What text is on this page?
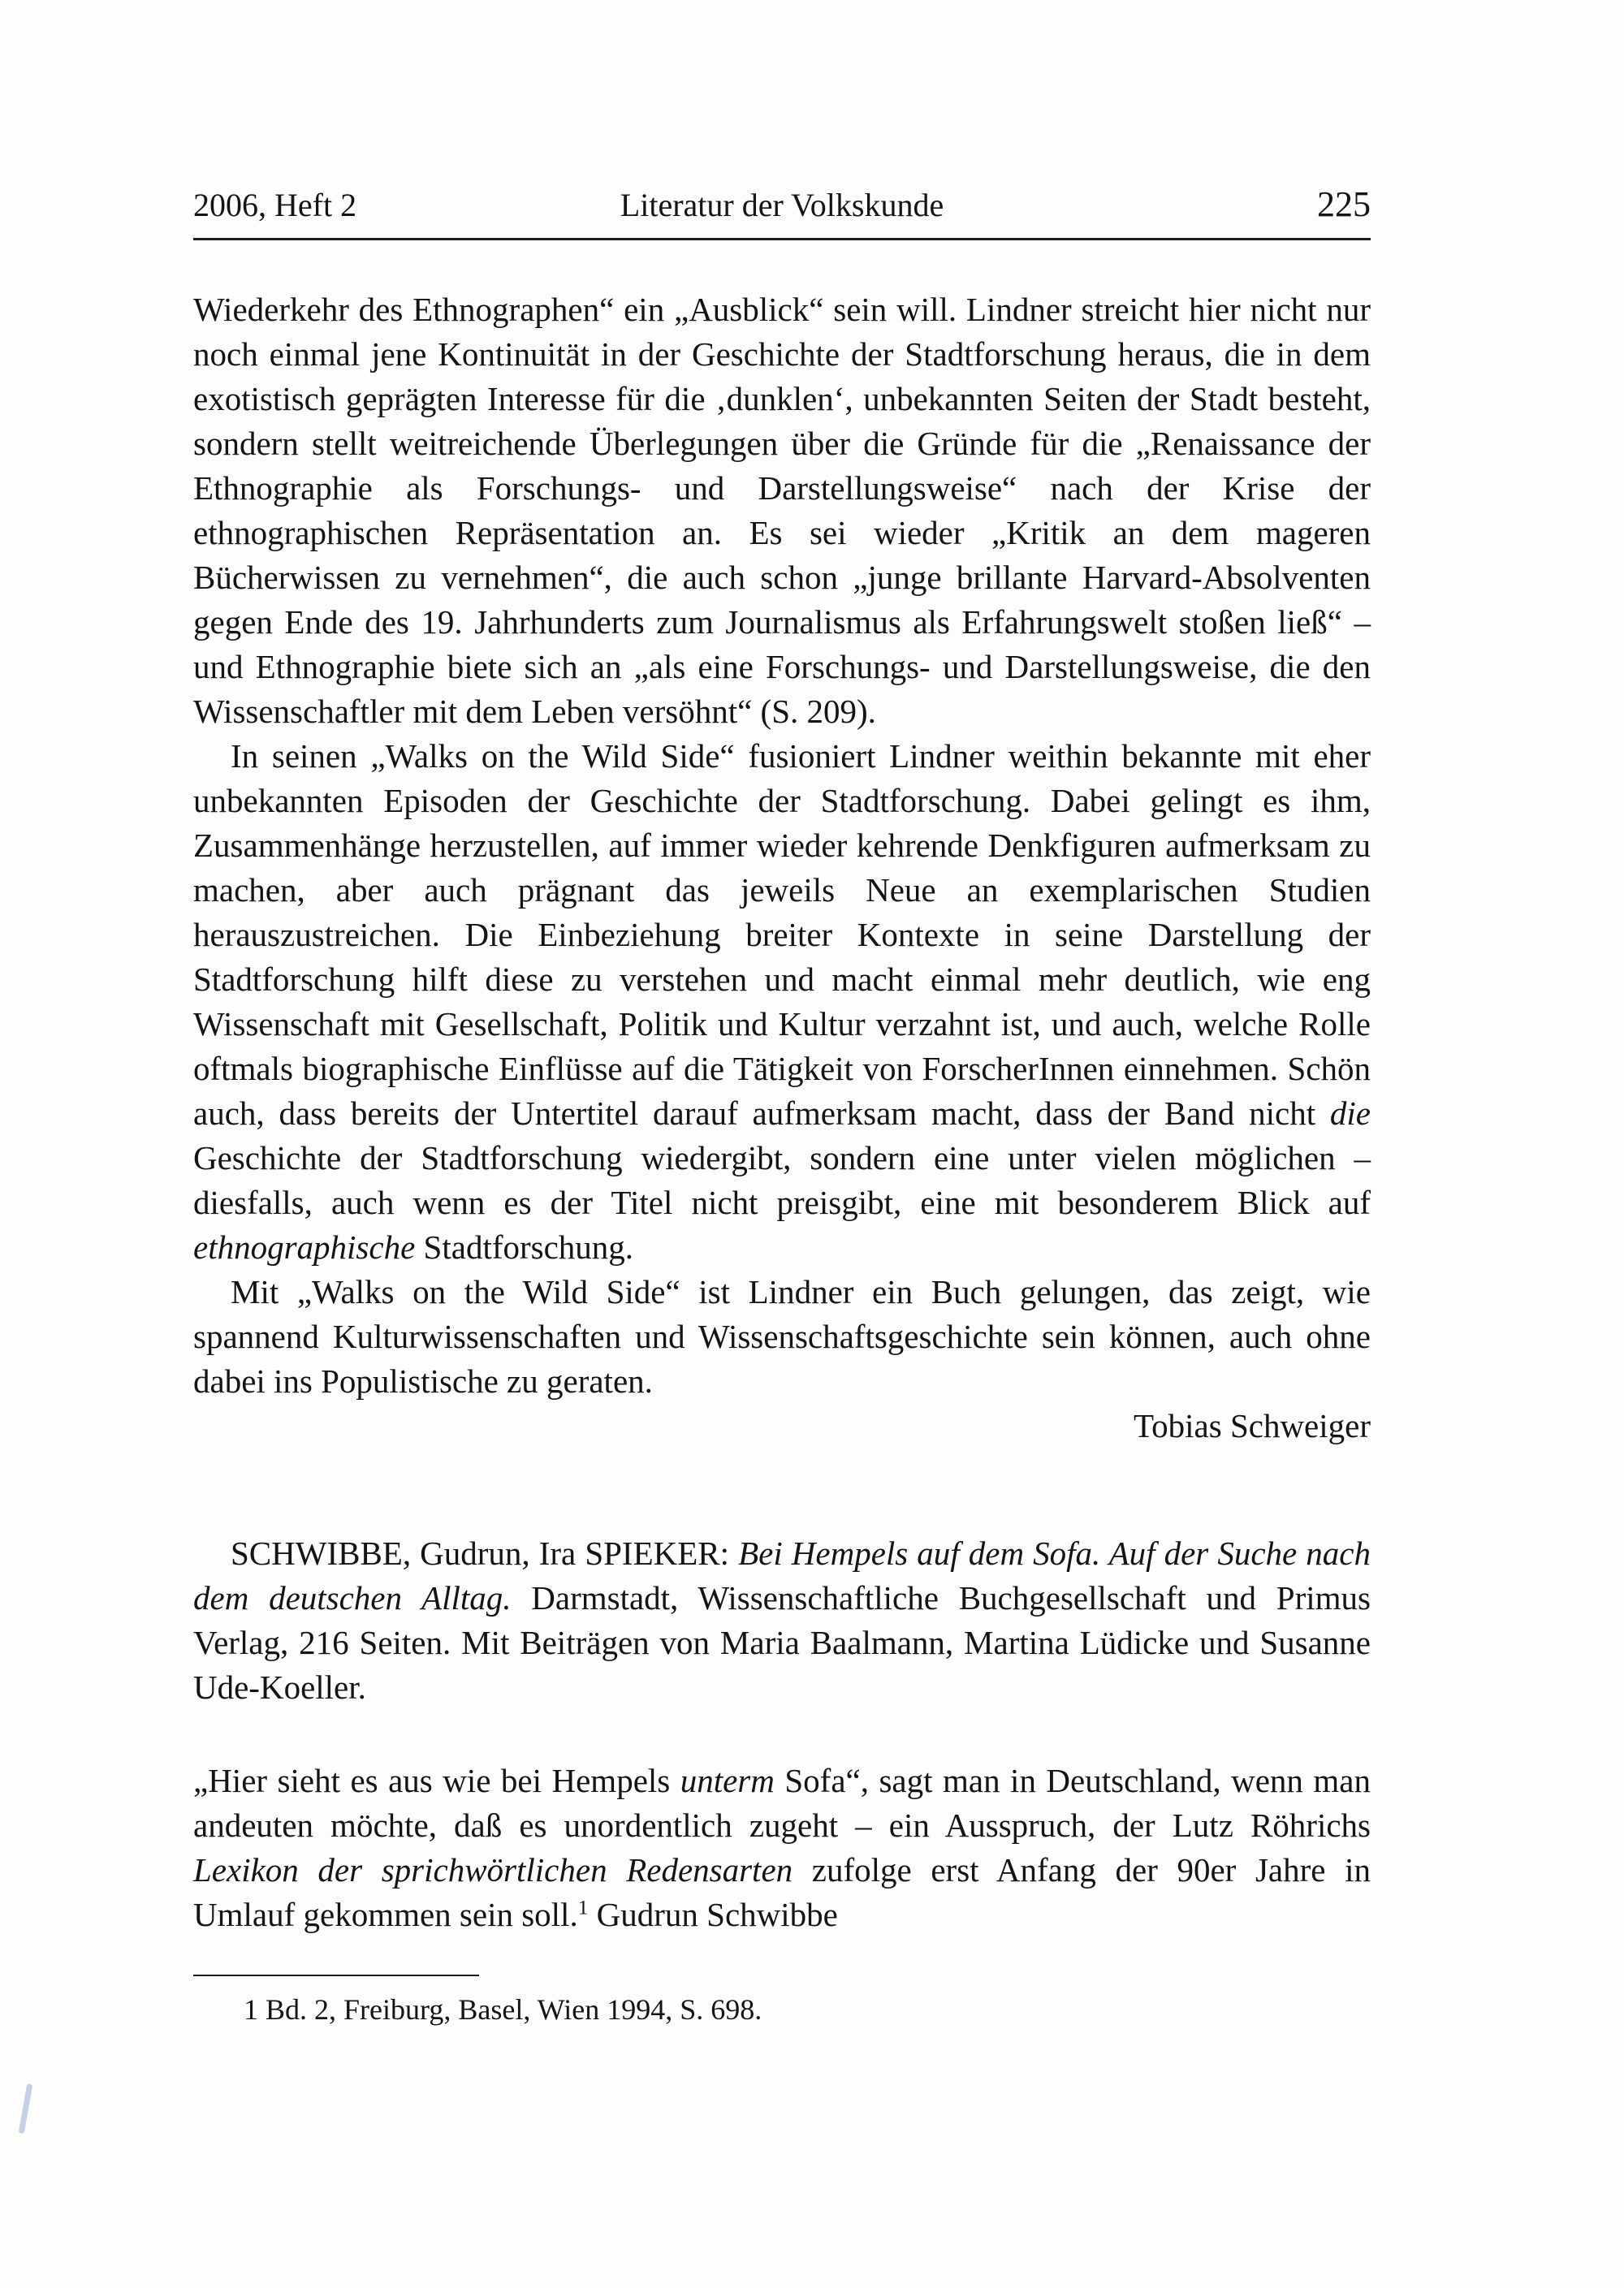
2006, Heft 2	Literatur der Volkskunde	225

Wiederkehr des Ethnographen“ ein „Ausblick“ sein will. Lindner streicht hier nicht nur noch einmal jene Kontinuität in der Geschichte der Stadtforschung heraus, die in dem exotistisch geprägten Interesse für die ‚dunklen‘, unbekannten Seiten der Stadt besteht, sondern stellt weitreichende Überlegungen über die Gründe für die „Renaissance der Ethnographie als Forschungs- und Darstellungsweise“ nach der Krise der ethnographischen Repräsentation an. Es sei wieder „Kritik an dem mageren Bücherwissen zu vernehmen“, die auch schon „junge brillante Harvard-Absolventen gegen Ende des 19. Jahrhunderts zum Journalismus als Erfahrungswelt stoßen ließ“ – und Ethnographie biete sich an „als eine Forschungs- und Darstellungsweise, die den Wissenschaftler mit dem Leben versöhnt“ (S. 209).

In seinen „Walks on the Wild Side“ fusioniert Lindner weithin bekannte mit eher unbekannten Episoden der Geschichte der Stadtforschung. Dabei gelingt es ihm, Zusammenhänge herzustellen, auf immer wieder kehrende Denkfiguren aufmerksam zu machen, aber auch prägnant das jeweils Neue an exemplarischen Studien herauszustreichen. Die Einbeziehung breiter Kontexte in seine Darstellung der Stadtforschung hilft diese zu verstehen und macht einmal mehr deutlich, wie eng Wissenschaft mit Gesellschaft, Politik und Kultur verzahnt ist, und auch, welche Rolle oftmals biographische Einflüsse auf die Tätigkeit von ForscherInnen einnehmen. Schön auch, dass bereits der Untertitel darauf aufmerksam macht, dass der Band nicht die Geschichte der Stadtforschung wiedergibt, sondern eine unter vielen möglichen – diesfalls, auch wenn es der Titel nicht preisgibt, eine mit besonderem Blick auf ethnographische Stadtforschung.

Mit „Walks on the Wild Side“ ist Lindner ein Buch gelungen, das zeigt, wie spannend Kulturwissenschaften und Wissenschaftsgeschichte sein können, auch ohne dabei ins Populistische zu geraten.

Tobias Schweiger

SCHWIBBE, Gudrun, Ira SPIEKER: Bei Hempels auf dem Sofa. Auf der Suche nach dem deutschen Alltag. Darmstadt, Wissenschaftliche Buchgesellschaft und Primus Verlag, 216 Seiten. Mit Beiträgen von Maria Baalmann, Martina Lüdicke und Susanne Ude-Koeller.

„Hier sieht es aus wie bei Hempels unterm Sofa“, sagt man in Deutschland, wenn man andeuten möchte, daß es unordentlich zugeht – ein Ausspruch, der Lutz Röhrichs Lexikon der sprichwörtlichen Redensarten zufolge erst Anfang der 90er Jahre in Umlauf gekommen sein soll.$^1$ Gudrun Schwibbe

1 Bd. 2, Freiburg, Basel, Wien 1994, S. 698.
